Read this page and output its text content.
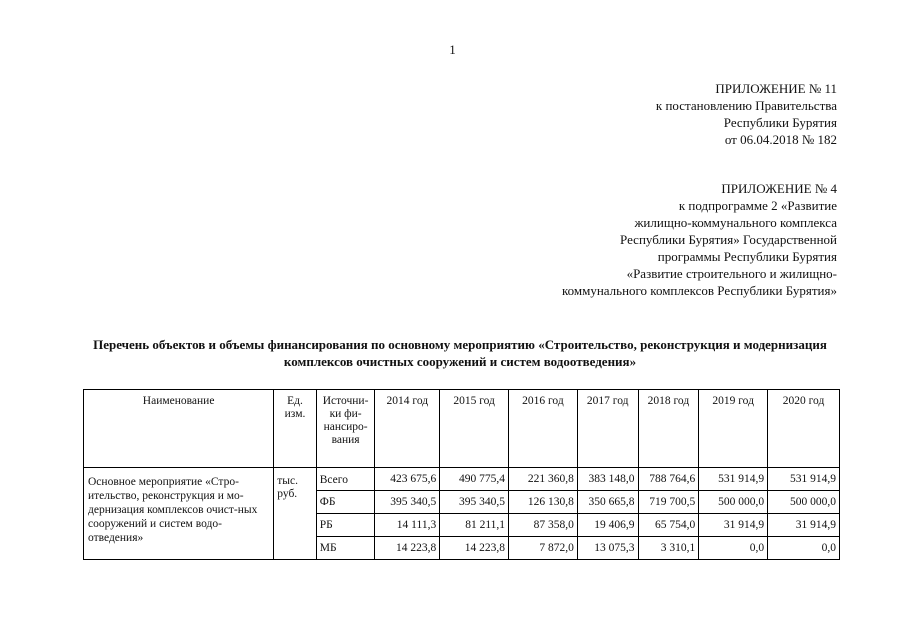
1
ПРИЛОЖЕНИЕ № 11
к постановлению Правительства
Республики Бурятия
от 06.04.2018 № 182
ПРИЛОЖЕНИЕ № 4
к подпрограмме 2 «Развитие
жилищно-коммунального комплекса
Республики Бурятия» Государственной
программы Республики Бурятия
«Развитие строительного и жилищно-
коммунального комплексов Республики Бурятия»
Перечень объектов и объемы финансирования по основному мероприятию «Строительство, реконструкция и модернизация комплексов очистных сооружений и систем водоотведения»
Наименование	Ед. изм.	Источни-ки фи-нансиро-вания	2014 год	2015 год	2016 год	2017 год	2018 год	2019 год	2020 год
Основное мероприятие «Стро-ительство, реконструкция и мо-дернизация комплексов очист-ных сооружений и систем водо-отведения»	тыс. руб.	Всего	423 675,6	490 775,4	221 360,8	383 148,0	788 764,6	531 914,9	531 914,9
		ФБ	395 340,5	395 340,5	126 130,8	350 665,8	719 700,5	500 000,0	500 000,0
		РБ	14 111,3	81 211,1	87 358,0	19 406,9	65 754,0	31 914,9	31 914,9
		МБ	14 223,8	14 223,8	7 872,0	13 075,3	3 310,1	0,0	0,0
